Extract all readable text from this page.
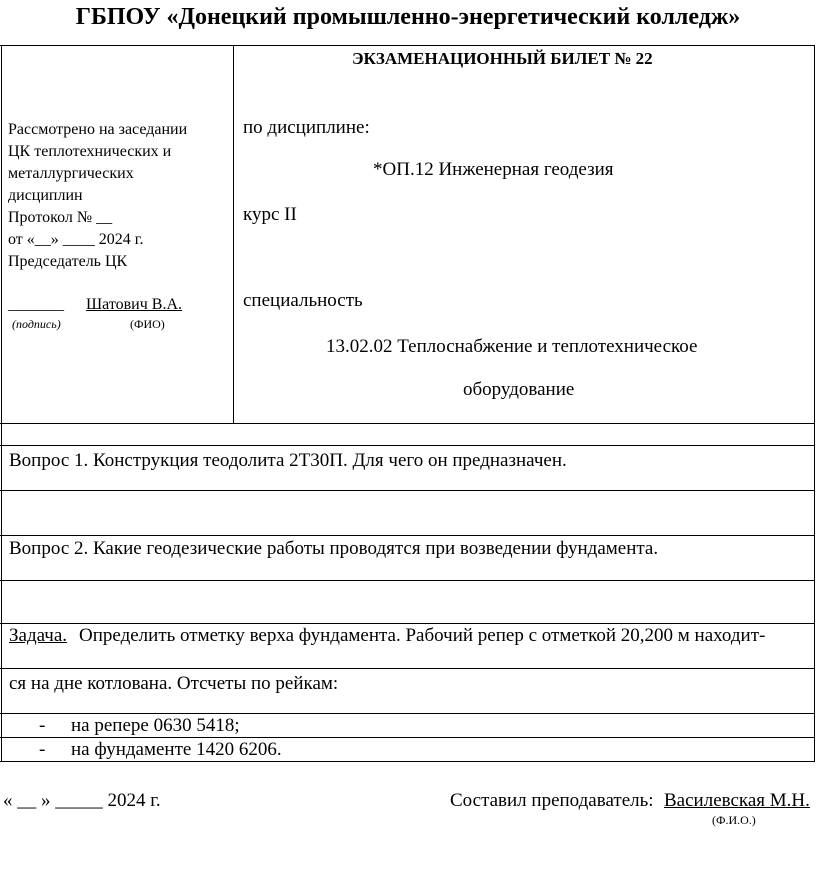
ГБПОУ «Донецкий промышленно-энергетический колледж»
Рассмотрено на заседании
ЦК теплотехнических и
металлургических
дисциплин
Протокол № __
от «__» ____ 2024 г.
Председатель ЦК
_______ Шатович В.А.
(подпись)	(ФИО)
ЭКЗАМЕНАЦИОННЫЙ БИЛЕТ № 22
по дисциплине:
*ОП.12 Инженерная геодезия
курс II
специальность
13.02.02 Теплоснабжение и теплотехническое
оборудование
Вопрос 1. Конструкция теодолита 2Т30П. Для чего он предназначен.
Вопрос 2. Какие геодезические работы проводятся при возведении фундамента.
Задача. Определить отметку верха фундамента. Рабочий репер с отметкой 20,200 м находит-
ся на дне котлована. Отсчеты по рейкам:
- на репере 0630 5418;
- на фундаменте 1420 6206.
« __ » _____ 2024 г.	Составил преподаватель: Василевская М.Н.
(Ф.И.О.)
